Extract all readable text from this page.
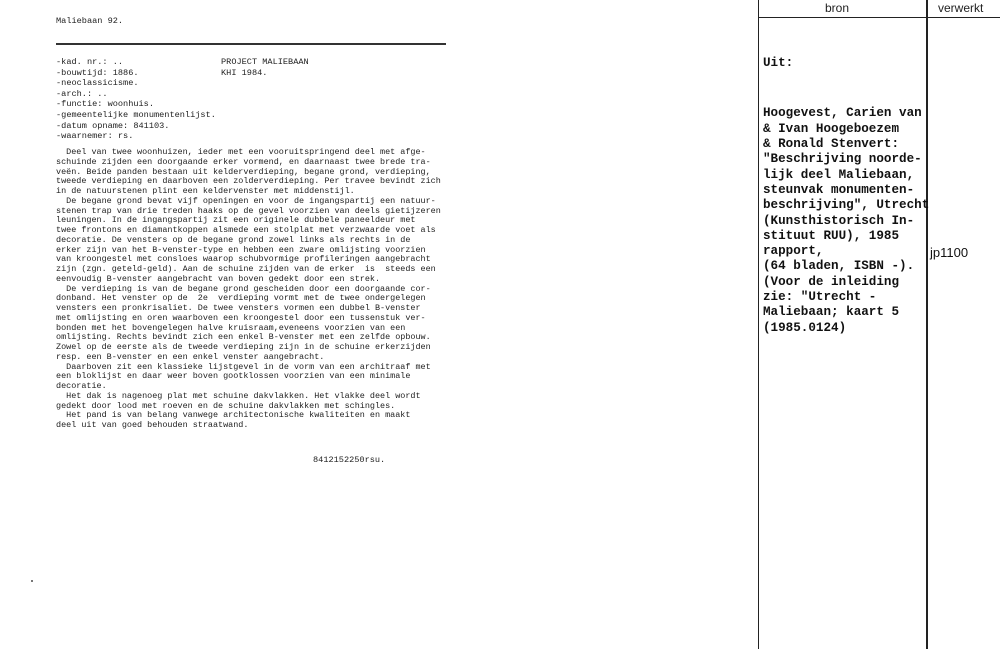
Maliebaan 92.
-kad. nr.: ..
-bouwtijd: 1886.
-neoclassicisme.
-arch.: ..
-functie: woonhuis.
-gemeentelijke monumentenlijst.
-datum opname: 841103.
-waarnemer: rs.
PROJECT MALIEBAAN
KHI 1984.
Deel van twee woonhuizen, ieder met een vooruitspringend deel met afge-
schuinde zijden een doorgaande erker vormend, en daarnaast twee brede tra-
veën. Beide panden bestaan uit kelderverdieping, begane grond, verdieping,
tweede verdieping en daarboven een zolderverdieping. Per travee bevindt zich
in de natuurstenen plint een keldervenster met middenstijl.
De begane grond bevat vijf openingen en voor de ingangspartij een natuur-
stenen trap van drie treden haaks op de gevel voorzien van deels gietijzeren
leuningen. In de ingangspartij zit een originele dubbele paneeldeur met
twee frontons en diamantkoppen alsmede een stolplat met verzwaarde voet als
decoratie. De vensters op de begane grond zowel links als rechts in de
erker zijn van het B-venster-type en hebben een zware omlijsting voorzien
van kroongestel met consloes waarop schubvormige profileringen aangebracht
zijn (zgn. geteld-geld). Aan de schuine zijden van de erker  is  steeds een
eenvoudig B-venster aangebracht van boven gedekt door een strek.
De verdieping is van de begane grond gescheiden door een doorgaande cor-
donband. Het venster op de  2e  verdieping vormt met de twee ondergelegen
vensters een pronkrisaliet. De twee vensters vormen een dubbel B-venster
met omlijsting en oren waarboven een kroongestel door een tussenstuk ver-
bonden met het bovengelegen halve kruisraam,eveneens voorzien van een
omlijsting. Rechts bevindt zich een enkel B-venster met een zelfde opbouw.
Zowel op de eerste als de tweede verdieping zijn in de schuine erkerzijden
resp. een B-venster en een enkel venster aangebracht.
Daarboven zit een klassieke lijstgevel in de vorm van een architraaf met
een bloklijst en daar weer boven gootklossen voorzien van een minimale
decoratie.
Het dak is nagenoeg plat met schuine dakvlakken. Het vlakke deel wordt
gedekt door lood met roeven en de schuine dakvlakken met schingles.
Het pand is van belang vanwege architectonische kwaliteiten en maakt
deel uit van goed behouden straatwand.
8412152250rsu.
bron	verwerkt

Uit:

Hoogevest, Carien van
& Ivan Hoogeboezem
& Ronald Stenvert:
"Beschrijving noorde-
lijk deel Maliebaan,
steunvak monumenten-
beschrijving", Utrecht
(Kunsthistorisch In-
stituut RUU), 1985
rapport,
(64 bladen, ISBN -).
(Voor de inleiding
zie: "Utrecht -
Maliebaan; kaart 5
(1985.0124)

jp1100
